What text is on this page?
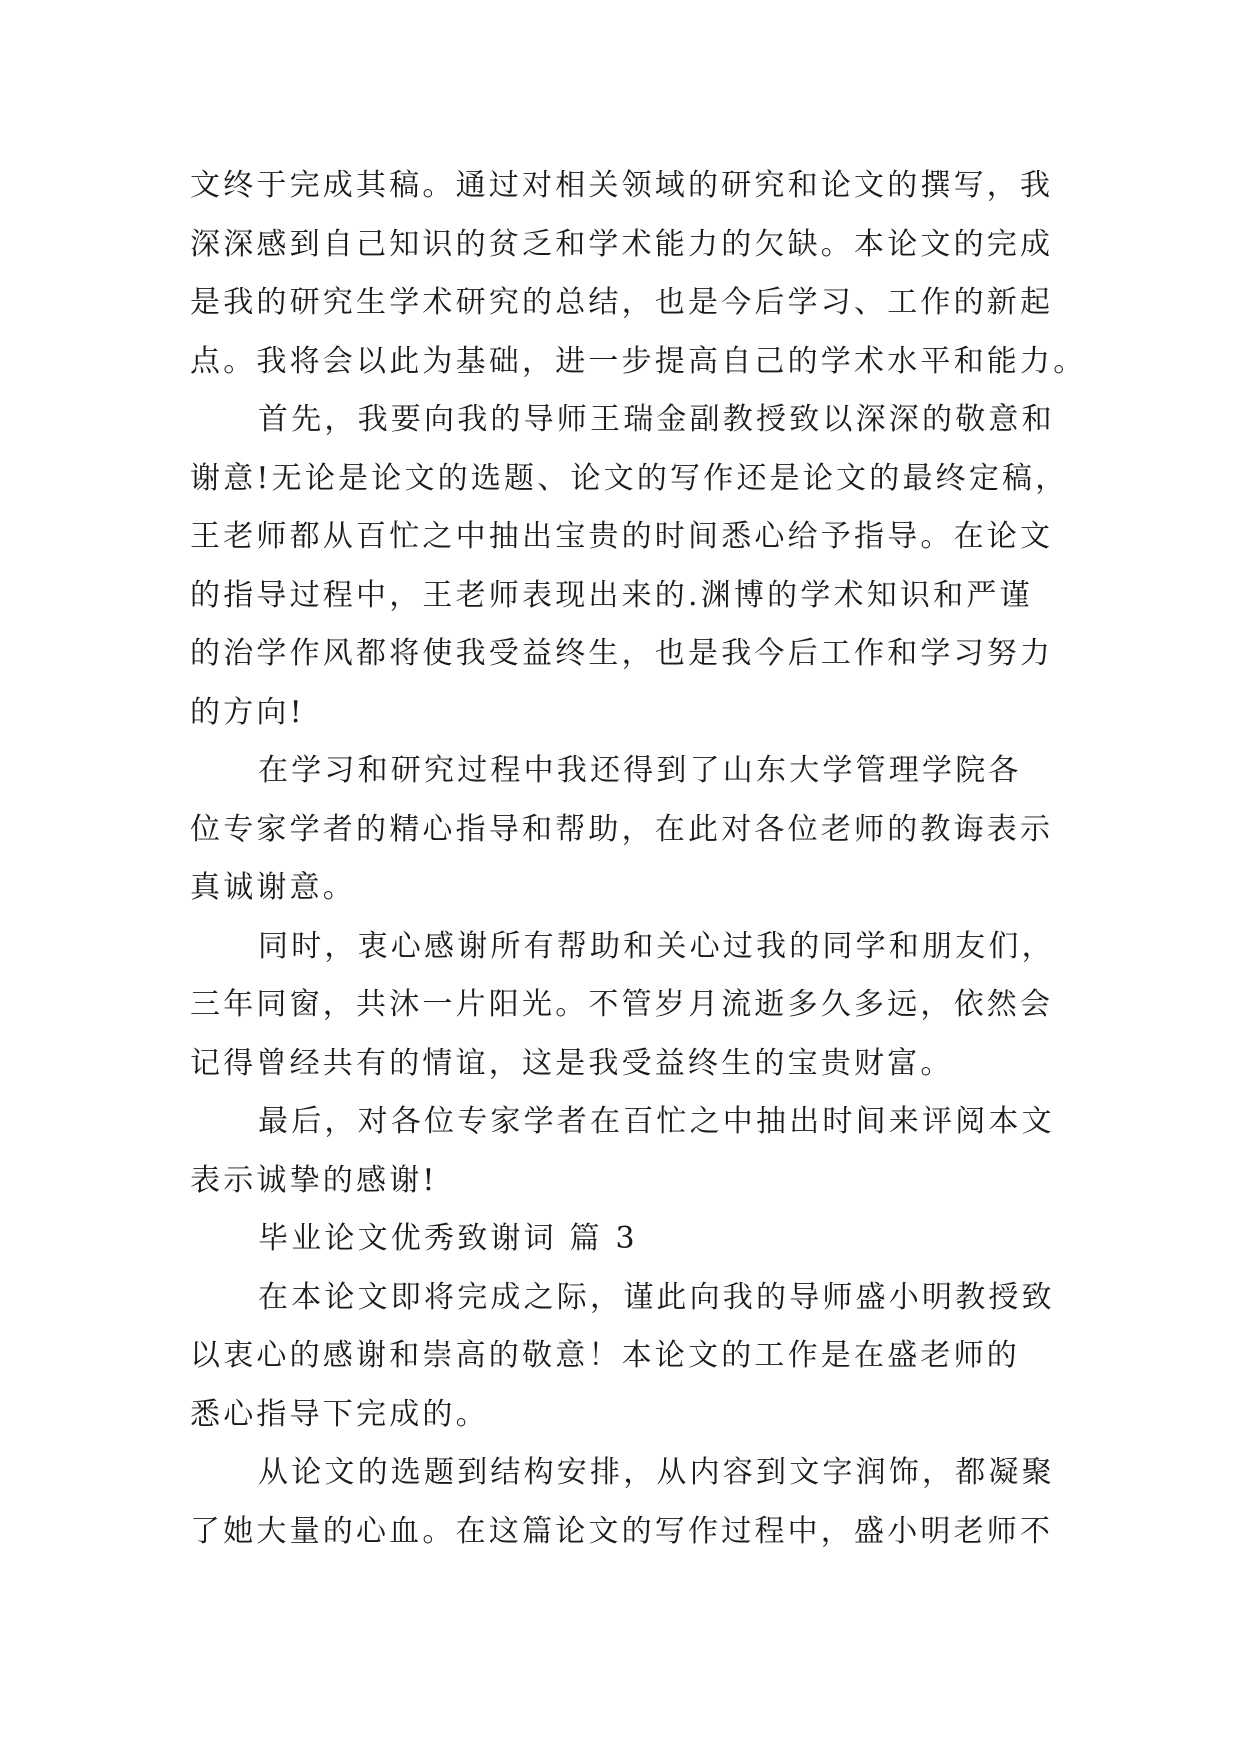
文终于完成其稿。通过对相关领域的研究和论文的撰写，我
深深感到自己知识的贫乏和学术能力的欠缺。本论文的完成
是我的研究生学术研究的总结，也是今后学习、工作的新起
点。我将会以此为基础，进一步提高自己的学术水平和能力。
首先，我要向我的导师王瑞金副教授致以深深的敬意和
谢意!无论是论文的选题、论文的写作还是论文的最终定稿，
王老师都从百忙之中抽出宝贵的时间悉心给予指导。在论文
的指导过程中，王老师表现出来的.渊博的学术知识和严谨
的治学作风都将使我受益终生，也是我今后工作和学习努力
的方向!
在学习和研究过程中我还得到了山东大学管理学院各
位专家学者的精心指导和帮助，在此对各位老师的教诲表示
真诚谢意。
同时，衷心感谢所有帮助和关心过我的同学和朋友们，
三年同窗，共沐一片阳光。不管岁月流逝多久多远，依然会
记得曾经共有的情谊，这是我受益终生的宝贵财富。
最后，对各位专家学者在百忙之中抽出时间来评阅本文
表示诚挚的感谢!
毕业论文优秀致谢词 篇 3
在本论文即将完成之际，谨此向我的导师盛小明教授致
以衷心的感谢和崇高的敬意！本论文的工作是在盛老师的
悉心指导下完成的。
从论文的选题到结构安排，从内容到文字润饰，都凝聚
了她大量的心血。在这篇论文的写作过程中，盛小明老师不
